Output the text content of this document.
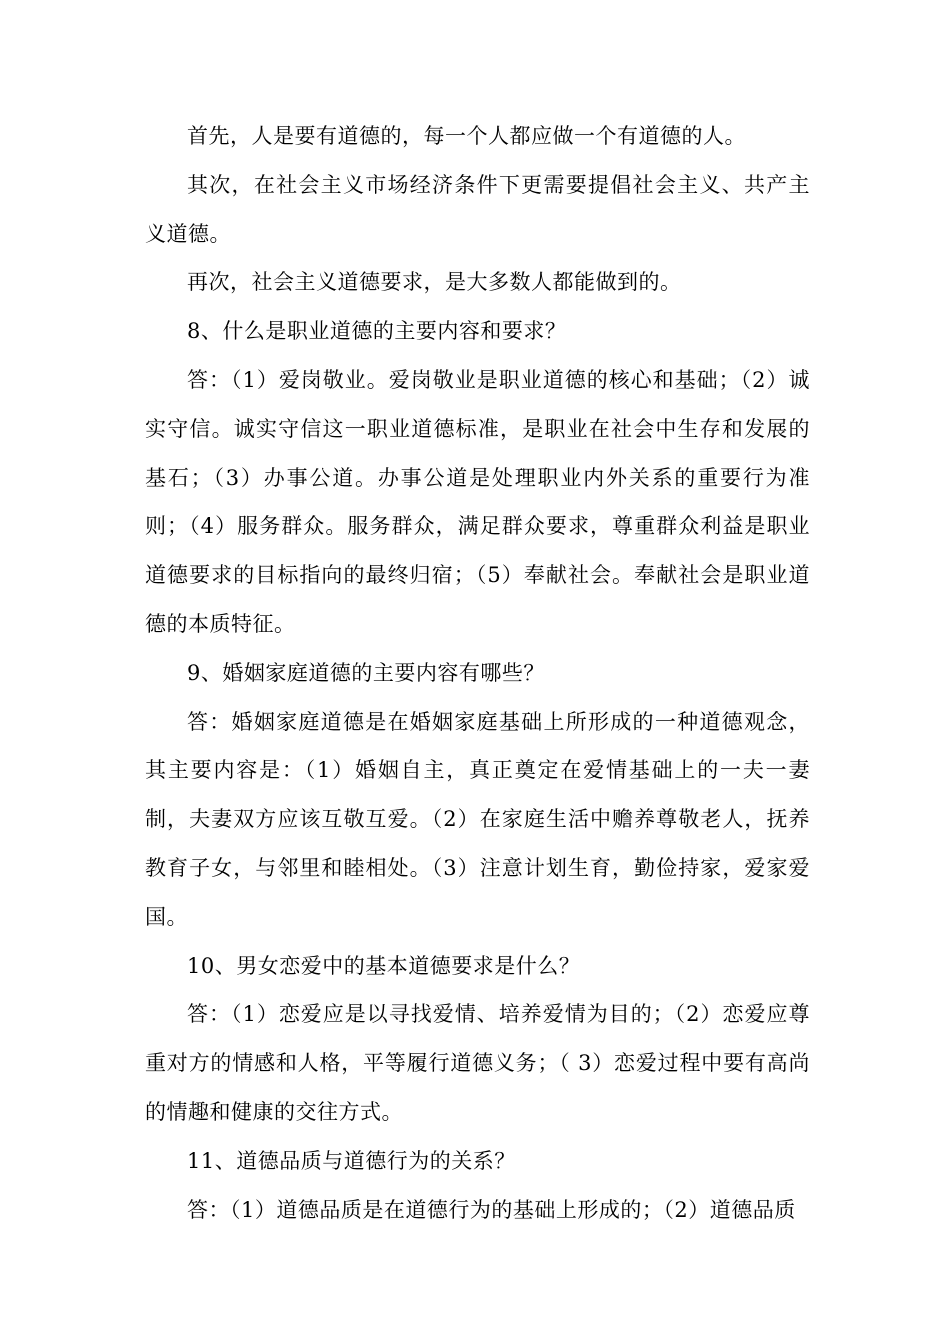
首先，人是要有道德的，每一个人都应做一个有道德的人。

其次，在社会主义市场经济条件下更需要提倡社会主义、共产主义道德。

再次，社会主义道德要求，是大多数人都能做到的。

8、什么是职业道德的主要内容和要求？

答：（1）爱岗敬业。爱岗敬业是职业道德的核心和基础；（2）诚实守信。诚实守信这一职业道德标准，是职业在社会中生存和发展的基石；（3）办事公道。办事公道是处理职业内外关系的重要行为准则；（4）服务群众。服务群众，满足群众要求，尊重群众利益是职业道德要求的目标指向的最终归宿；（5）奉献社会。奉献社会是职业道德的本质特征。

9、婚姻家庭道德的主要内容有哪些？

答：婚姻家庭道德是在婚姻家庭基础上所形成的一种道德观念，其主要内容是：（1）婚姻自主，真正奠定在爱情基础上的一夫一妻制，夫妻双方应该互敬互爱。（2）在家庭生活中赡养尊敬老人，抚养教育子女，与邻里和睦相处。（3）注意计划生育，勤俭持家，爱家爱国。

10、男女恋爱中的基本道德要求是什么？

答：（1）恋爱应是以寻找爱情、培养爱情为目的；（2）恋爱应尊重对方的情感和人格，平等履行道德义务；（ 3）恋爱过程中要有高尚的情趣和健康的交往方式。

11、道德品质与道德行为的关系？

答：（1）道德品质是在道德行为的基础上形成的；（2）道德品质
